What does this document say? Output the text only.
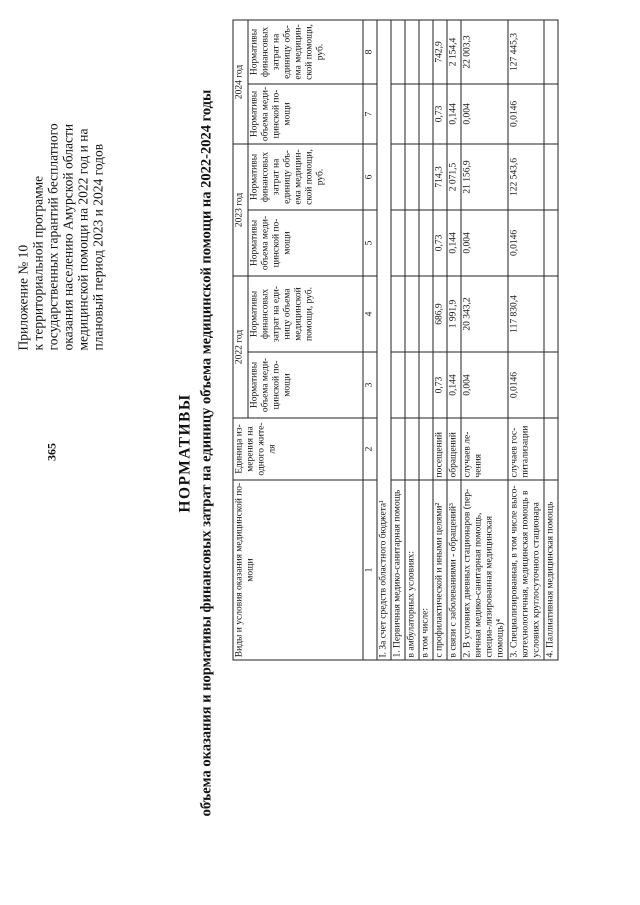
365
Приложение № 10 к территориальной программе государственных гарантий бесплатного оказания населению Амурской области медицинской помощи на 2022 год и на плановый период 2023 и 2024 годов
НОРМАТИВЫ объема оказания и нормативы финансовых затрат на единицу объема медицинской помощи на 2022-2024 годы Виды и условия оказания медицинской по-мощи	Единица из-мерения на одного жите-ля	2022 год		2023 год		2024 год	
		Нормативы объема меди-цинской по-мощи	Нормативы финансовых затрат на еди-ницу объема медицинской помощи, руб.	Нормативы объема меди-цинской по-мощи	Нормативы финансовых затрат на единицу объ-ема медицин-ской помощи, руб.	Нормативы объема меди-цинской по-мощи	Нормативы финансовых затрат на единицу объ-ема медицин-ской помощи, руб.
1	2	3	4	5	6	7	8
I. За счет средств областного бюджета¹							
1. Первичная медико-санитарная помощь							
в амбулаторных условиях:							
в том числе:							
с профилактической и иными целями²	посещений	0,73	686,9	0,73	714,3	0,73	742,9
в связи с заболеваниями - обращений³	обращений	0,144	1 991,9	0,144	2 071,5	0,144	2 154,4
2. В условиях дневных стационаров (пер-вичная медико-санитарная помощь, специа-лизированная медицинская помощь)⁴	случаев ле-чения	0,004	20 343,2	0,004	21 156,9	0,004	22 003,3
3. Специализированная, в том числе высо-котехнологичная, медицинская помощь в условиях круглосуточного стационара	случаев гос-питализации	0,0146	117 830,4	0,0146	122 543,6	0,0146	127 445,3
4. Паллиативная медицинская помощь							
